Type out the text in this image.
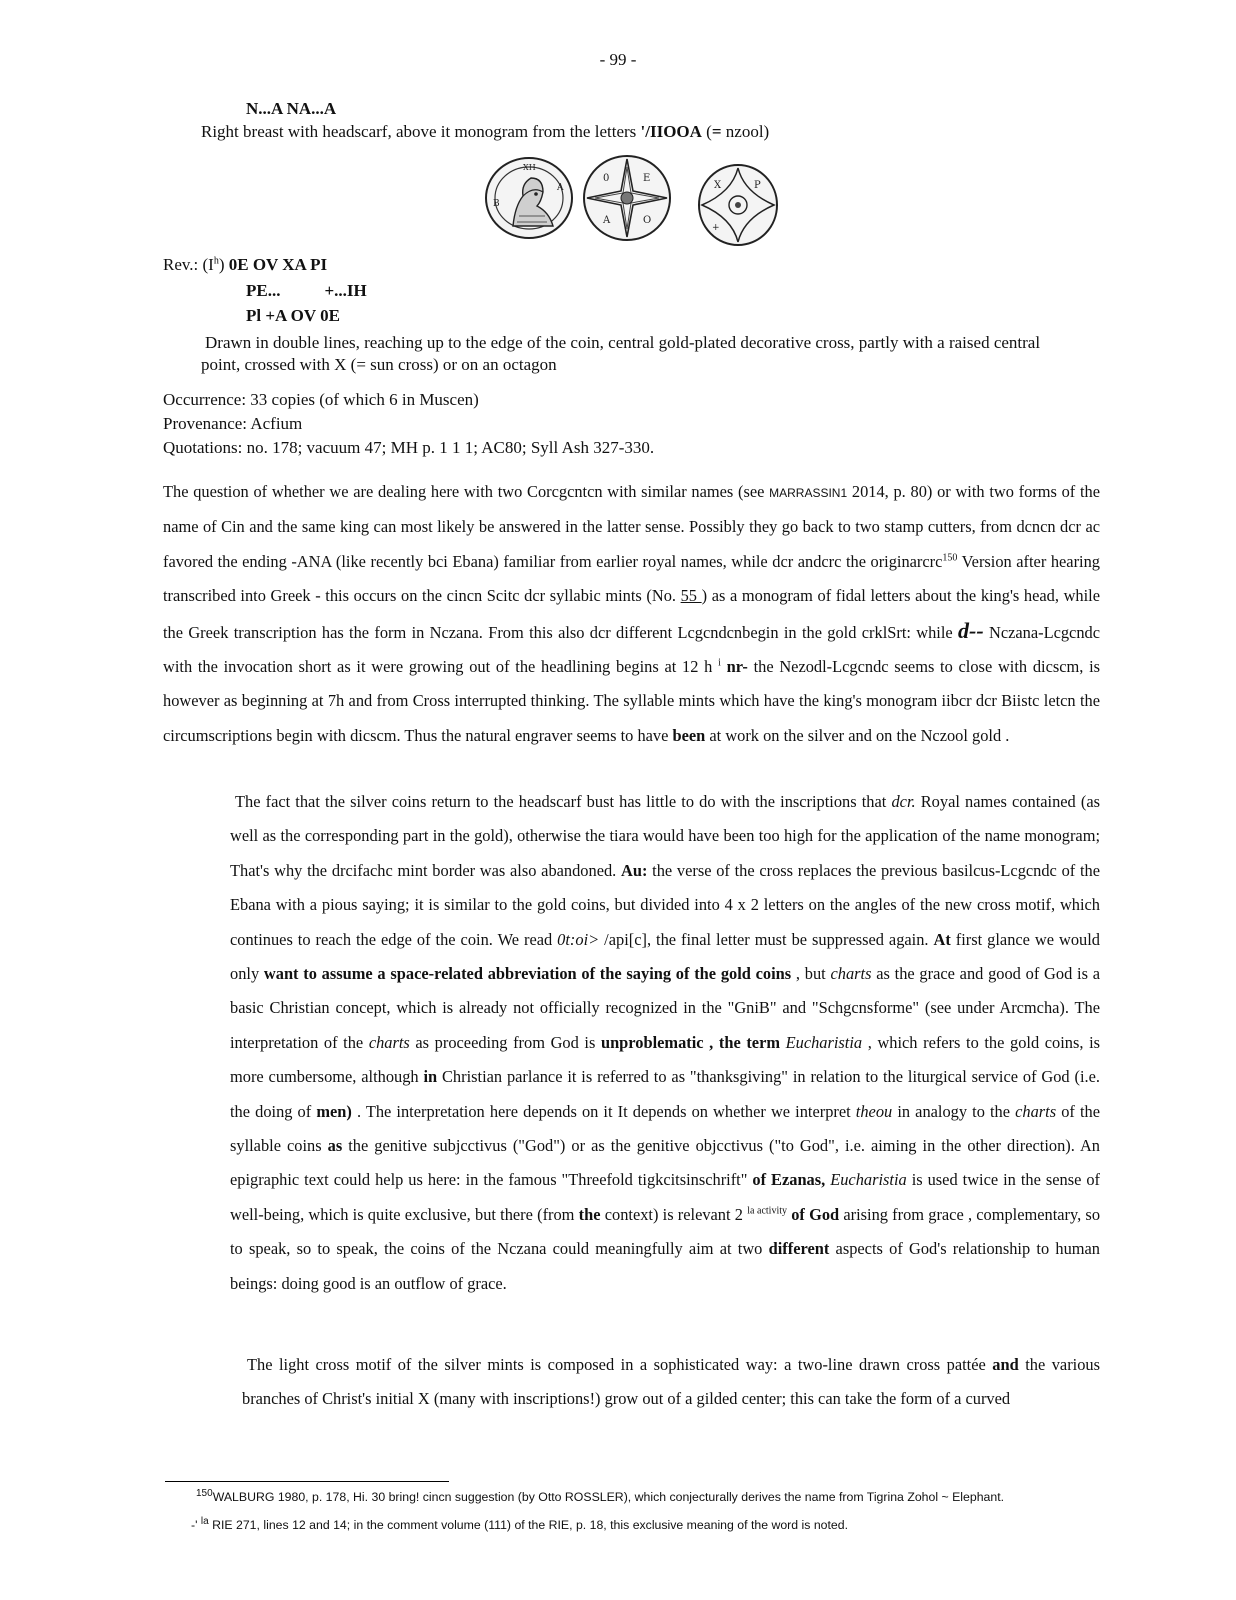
- 99 -
N...A NA...A
Right breast with headscarf, above it monogram from the letters '/IIOOA (= nzool)
B
A
XH
0	E
A	O
X	P
+
Rev.: $(I^h)$ 0E OV XA PI
PE...	+...IH
Pl +A OV 0E
Drawn in double lines, reaching up to the edge of the coin, central gold-plated decorative cross, partly with a raised central
point, crossed with X (= sun cross) or on an octagon
Occurrence: 33 copies (of which 6 in Muscen)
Provenance: Acfium
Quotations: no. 178; vacuum 47; MH p. 1 1 1; AC80; Syll Ash 327-330.

The question of whether we are dealing here with two Corcgcntcn with similar names (see MARRASSIN1 2014, p. 80) or with two forms of the name of Cin and the same king can most likely be answered in the latter sense. Possibly they go back to two stamp cutters, from dcncn dcr ac favored the ending -ANA (like recently bci Ebana) familiar from earlier royal names, while dcr andcrc the originarcrc$^{150}$ Version after hearing transcribed into Greek - this occurs on the cincn Scitc dcr syllabic mints (No. 55 ) as a monogram of fidal letters about the king's head, while the Greek transcription has the form in Nczana. From this also dcr different Lcgcndcnbegin in the gold crklSrt: while d-- Nczana-Lcgcndc with the invocation short as it were growing out of the headlining begins at 12 h $^i$ nr- the Nezodl-Lcgcndc seems to close with dicscm, is however as beginning at 7h and from Cross interrupted thinking. The syllable mints which have the king's monogram iibcr dcr Biistc letcn the circumscriptions begin with dicscm. Thus the natural engraver seems to have been at work on the silver and on the Nczool gold .

The fact that the silver coins return to the headscarf bust has little to do with the inscriptions that dcr. Royal names contained (as well as the corresponding part in the gold), otherwise the tiara would have been too high for the application of the name monogram; That's why the drcifachc mint border was also abandoned. Au: the verse of the cross replaces the previous basilcus-Lcgcndc of the Ebana with a pious saying; it is similar to the gold coins, but divided into 4 x 2 letters on the angles of the new cross motif, which continues to reach the edge of the coin. We read 0t:oi> /api[c], the final letter must be suppressed again. At first glance we would only want to assume a space-related abbreviation of the saying of the gold coins , but charts as the grace and good of God is a basic Christian concept, which is already not officially recognized in the "GniB" and "Schgcnsforme" (see under Arcmcha). The interpretation of the charts as proceeding from God is unproblematic , the term Eucharistia , which refers to the gold coins, is more cumbersome, although in Christian parlance it is referred to as "thanksgiving" in relation to the liturgical service of God (i.e. the doing of men) . The interpretation here depends on it It depends on whether we interpret theou in analogy to the charts of the syllable coins as the genitive subjcctivus ("God") or as the genitive objcctivus ("to God", i.e. aiming in the other direction). An epigraphic text could help us here: in the famous "Threefold tigkcitsinschrift" of Ezanas, Eucharistia is used twice in the sense of well-being, which is quite exclusive, but there (from the context) is relevant 2 $^{la activity}$ of God arising from grace , complementary, so to speak, so to speak, the coins of the Nczana could meaningfully aim at two different aspects of God's relationship to human beings: doing good is an outflow of grace.

The light cross motif of the silver mints is composed in a sophisticated way: a two-line drawn cross pattée and the various branches of Christ's initial X (many with inscriptions!) grow out of a gilded center; this can take the form of a curved

$^{150}$WALBURG 1980, p. 178, Hi. 30 bring! cincn suggestion (by Otto ROSSLER), which conjecturally derives the name from Tigrina Zohol ~ Elephant.
-' $^{la}$ RIE 271, lines 12 and 14; in the comment volume (111) of the RIE, p. 18, this exclusive meaning of the word is noted.
